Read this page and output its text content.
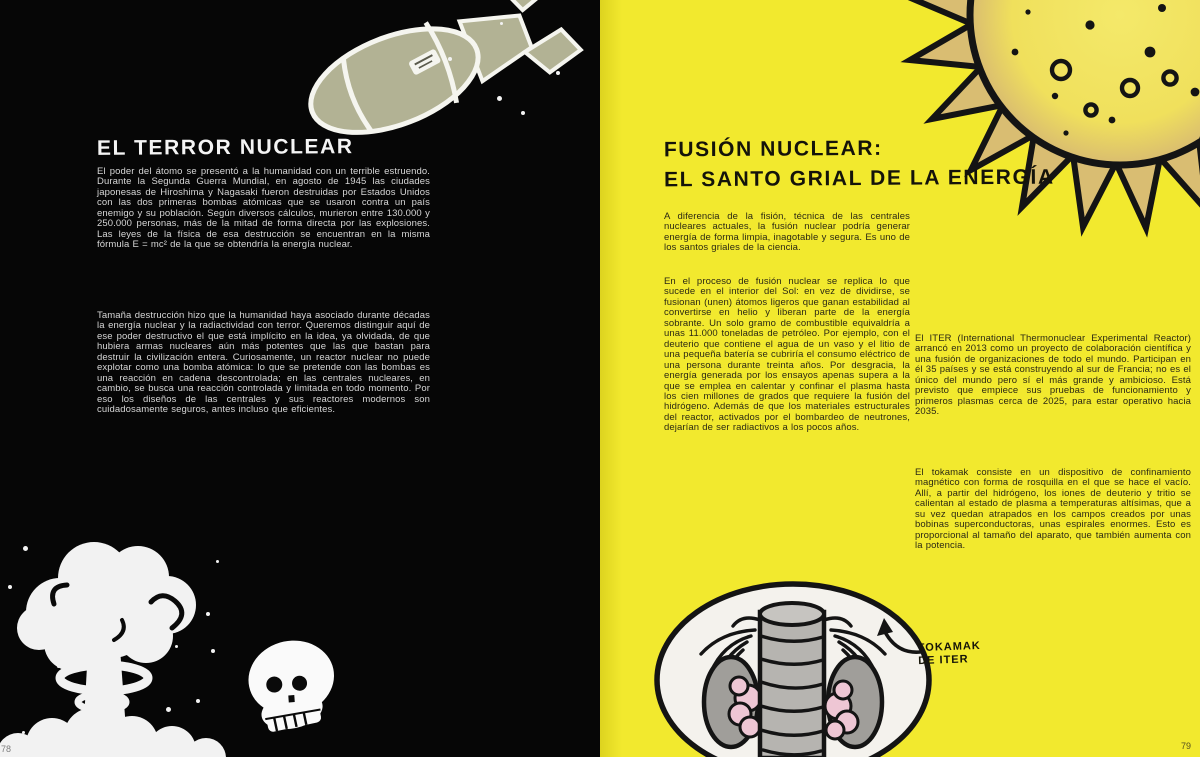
EL TERROR NUCLEAR
El poder del átomo se presentó a la humanidad con un terrible estruendo. Durante la Segunda Guerra Mundial, en agosto de 1945 las ciudades japonesas de Hiroshima y Nagasaki fueron destruidas por Estados Unidos con las dos primeras bombas atómicas que se usaron contra un país enemigo y su población. Según diversos cálculos, murieron entre 130.000 y 250.000 personas, más de la mitad de forma directa por las explosiones. Las leyes de la física de esa destrucción se encuentran en la misma fórmula E = mc² de la que se obtendría la energía nuclear.
Tamaña destrucción hizo que la humanidad haya asociado durante décadas la energía nuclear y la radiactividad con terror. Queremos distinguir aquí de ese poder destructivo el que está implícito en la idea, ya olvidada, de que hubiera armas nucleares aún más potentes que las que bastan para destruir la civilización entera. Curiosamente, un reactor nuclear no puede explotar como una bomba atómica: lo que se pretende con las bombas es una reacción en cadena descontrolada; en las centrales nucleares, en cambio, se busca una reacción controlada y limitada en todo momento. Por eso los diseños de las centrales y sus reactores modernos son cuidadosamente seguros, antes incluso que eficientes.
78
FUSIÓN NUCLEAR:
EL SANTO GRIAL DE LA ENERGÍA
A diferencia de la fisión, técnica de las centrales nucleares actuales, la fusión nuclear podría generar energía de forma limpia, inagotable y segura. Es uno de los santos griales de la ciencia.
En el proceso de fusión nuclear se replica lo que sucede en el interior del Sol: en vez de dividirse, se fusionan (unen) átomos ligeros que ganan estabilidad al convertirse en helio y liberan parte de la energía sobrante. Un solo gramo de combustible equivaldría a unas 11.000 toneladas de petróleo. Por ejemplo, con el deuterio que contiene el agua de un vaso y el litio de una pequeña batería se cubriría el consumo eléctrico de una persona durante treinta años. Por desgracia, la energía generada por los ensayos apenas supera a la que se emplea en calentar y confinar el plasma hasta los cien millones de grados que requiere la fusión del hidrógeno. Además de que los materiales estructurales del reactor, activados por el bombardeo de neutrones, dejarían de ser radiactivos a los pocos años.
El ITER (International Thermonuclear Experimental Reactor) arrancó en 2013 como un proyecto de colaboración científica y una fusión de organizaciones de todo el mundo. Participan en él 35 países y se está construyendo al sur de Francia; no es el único del mundo pero sí el más grande y ambicioso. Está previsto que empiece sus pruebas de funcionamiento y primeros plasmas cerca de 2025, para estar operativo hacia 2035.
El tokamak consiste en un dispositivo de confinamiento magnético con forma de rosquilla en el que se hace el vacío. Allí, a partir del hidrógeno, los iones de deuterio y tritio se calientan al estado de plasma a temperaturas altísimas, que a su vez quedan atrapados en los campos creados por unas bobinas superconductoras, unas espirales enormes. Esto es proporcional al tamaño del aparato, que también aumenta con la potencia.
TOKAMAK
DE ITER
79
